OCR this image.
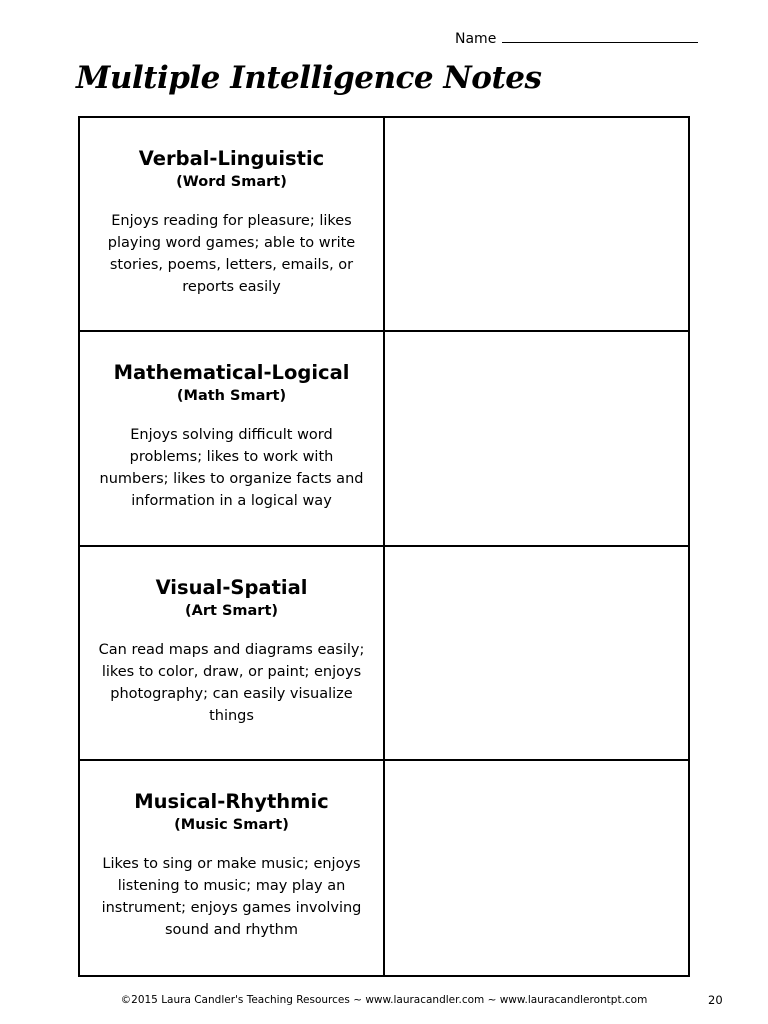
Name
Multiple Intelligence Notes

Verbal-Linguistic

(Word Smart)

Enjoys reading for pleasure; likes playing word games; able to write stories, poems, letters, emails, or reports easily

Mathematical-Logical

(Math Smart)

Enjoys solving difficult word problems; likes to work with numbers; likes to organize facts and information in a logical way

Visual-Spatial

(Art Smart)

Can read maps and diagrams easily; likes to color, draw, or paint; enjoys photography; can easily visualize things

Musical-Rhythmic

(Music Smart)

Likes to sing or make music; enjoys listening to music; may play an instrument; enjoys games involving sound and rhythm

©2015 Laura Candler's Teaching Resources ~ www.lauracandler.com ~ www.lauracandlerontpt.com	20
